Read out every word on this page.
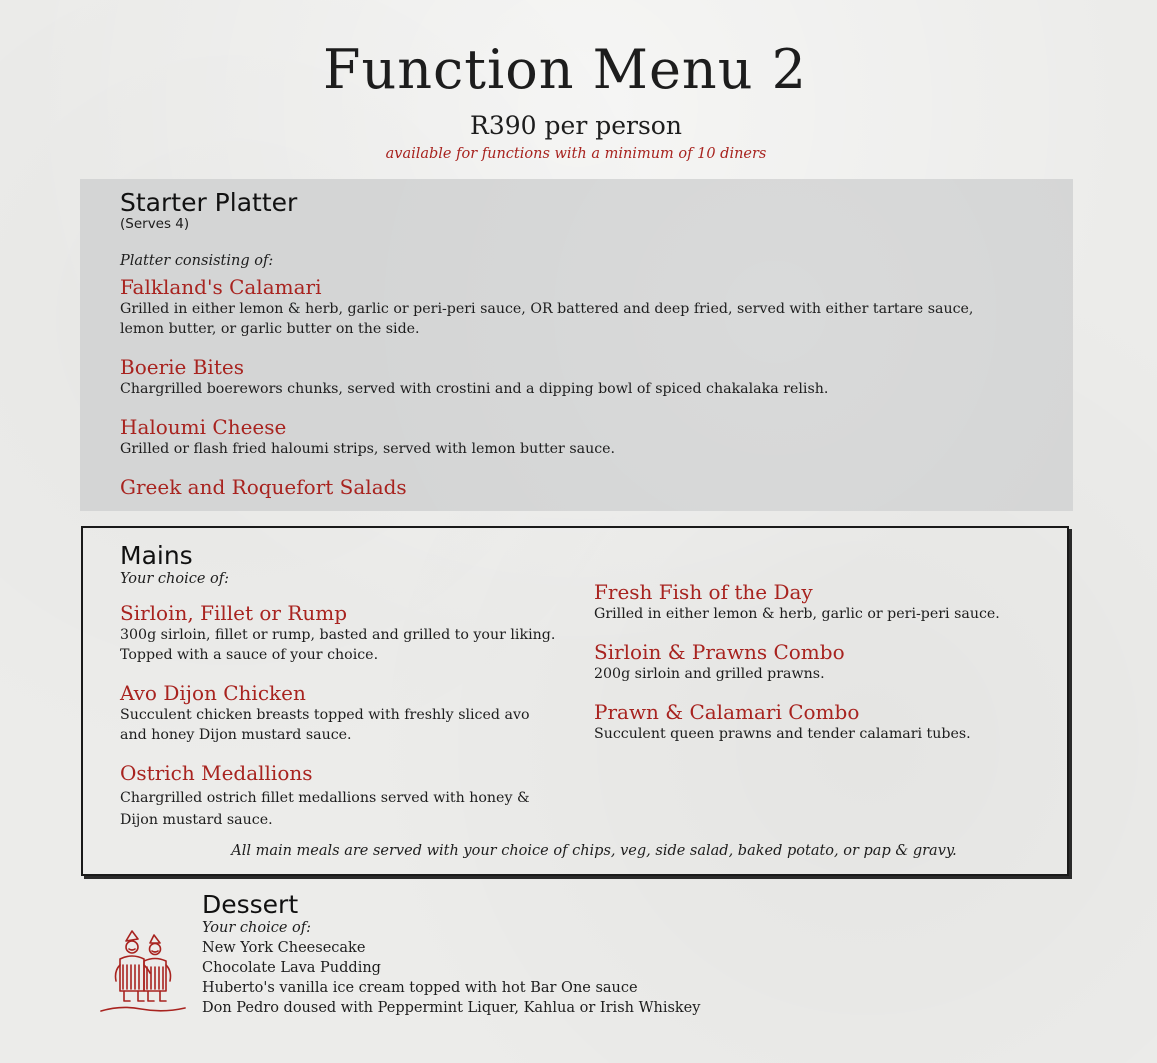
Function Menu 2
R390 per person
available for functions with a minimum of 10 diners
Starter Platter
(Serves 4)
Platter consisting of:
Falkland's Calamari
Grilled in either lemon & herb, garlic or peri-peri sauce, OR battered and deep fried, served with either tartare sauce, lemon butter, or garlic butter on the side.
Boerie Bites
Chargrilled boerewors chunks, served with crostini and a dipping bowl of spiced chakalaka relish.
Haloumi Cheese
Grilled or flash fried haloumi strips, served with lemon butter sauce.
Greek and Roquefort Salads
Mains
Your choice of:
Sirloin, Fillet or Rump
300g sirloin, fillet or rump, basted and grilled to your liking. Topped with a sauce of your choice.
Avo Dijon Chicken
Succulent chicken breasts topped with freshly sliced avo and honey Dijon mustard sauce.
Ostrich Medallions
Chargrilled ostrich fillet medallions served with honey & Dijon mustard sauce.
Fresh Fish of the Day
Grilled in either lemon & herb, garlic or peri-peri sauce.
Sirloin & Prawns Combo
200g sirloin and grilled prawns.
Prawn & Calamari Combo
Succulent queen prawns and tender calamari tubes.
All main meals are served with your choice of chips, veg, side salad, baked potato, or pap & gravy.
Dessert
Your choice of:
New York Cheesecake
Chocolate Lava Pudding
Huberto's vanilla ice cream topped with hot Bar One sauce
Don Pedro doused with Peppermint Liquer, Kahlua or Irish Whiskey
